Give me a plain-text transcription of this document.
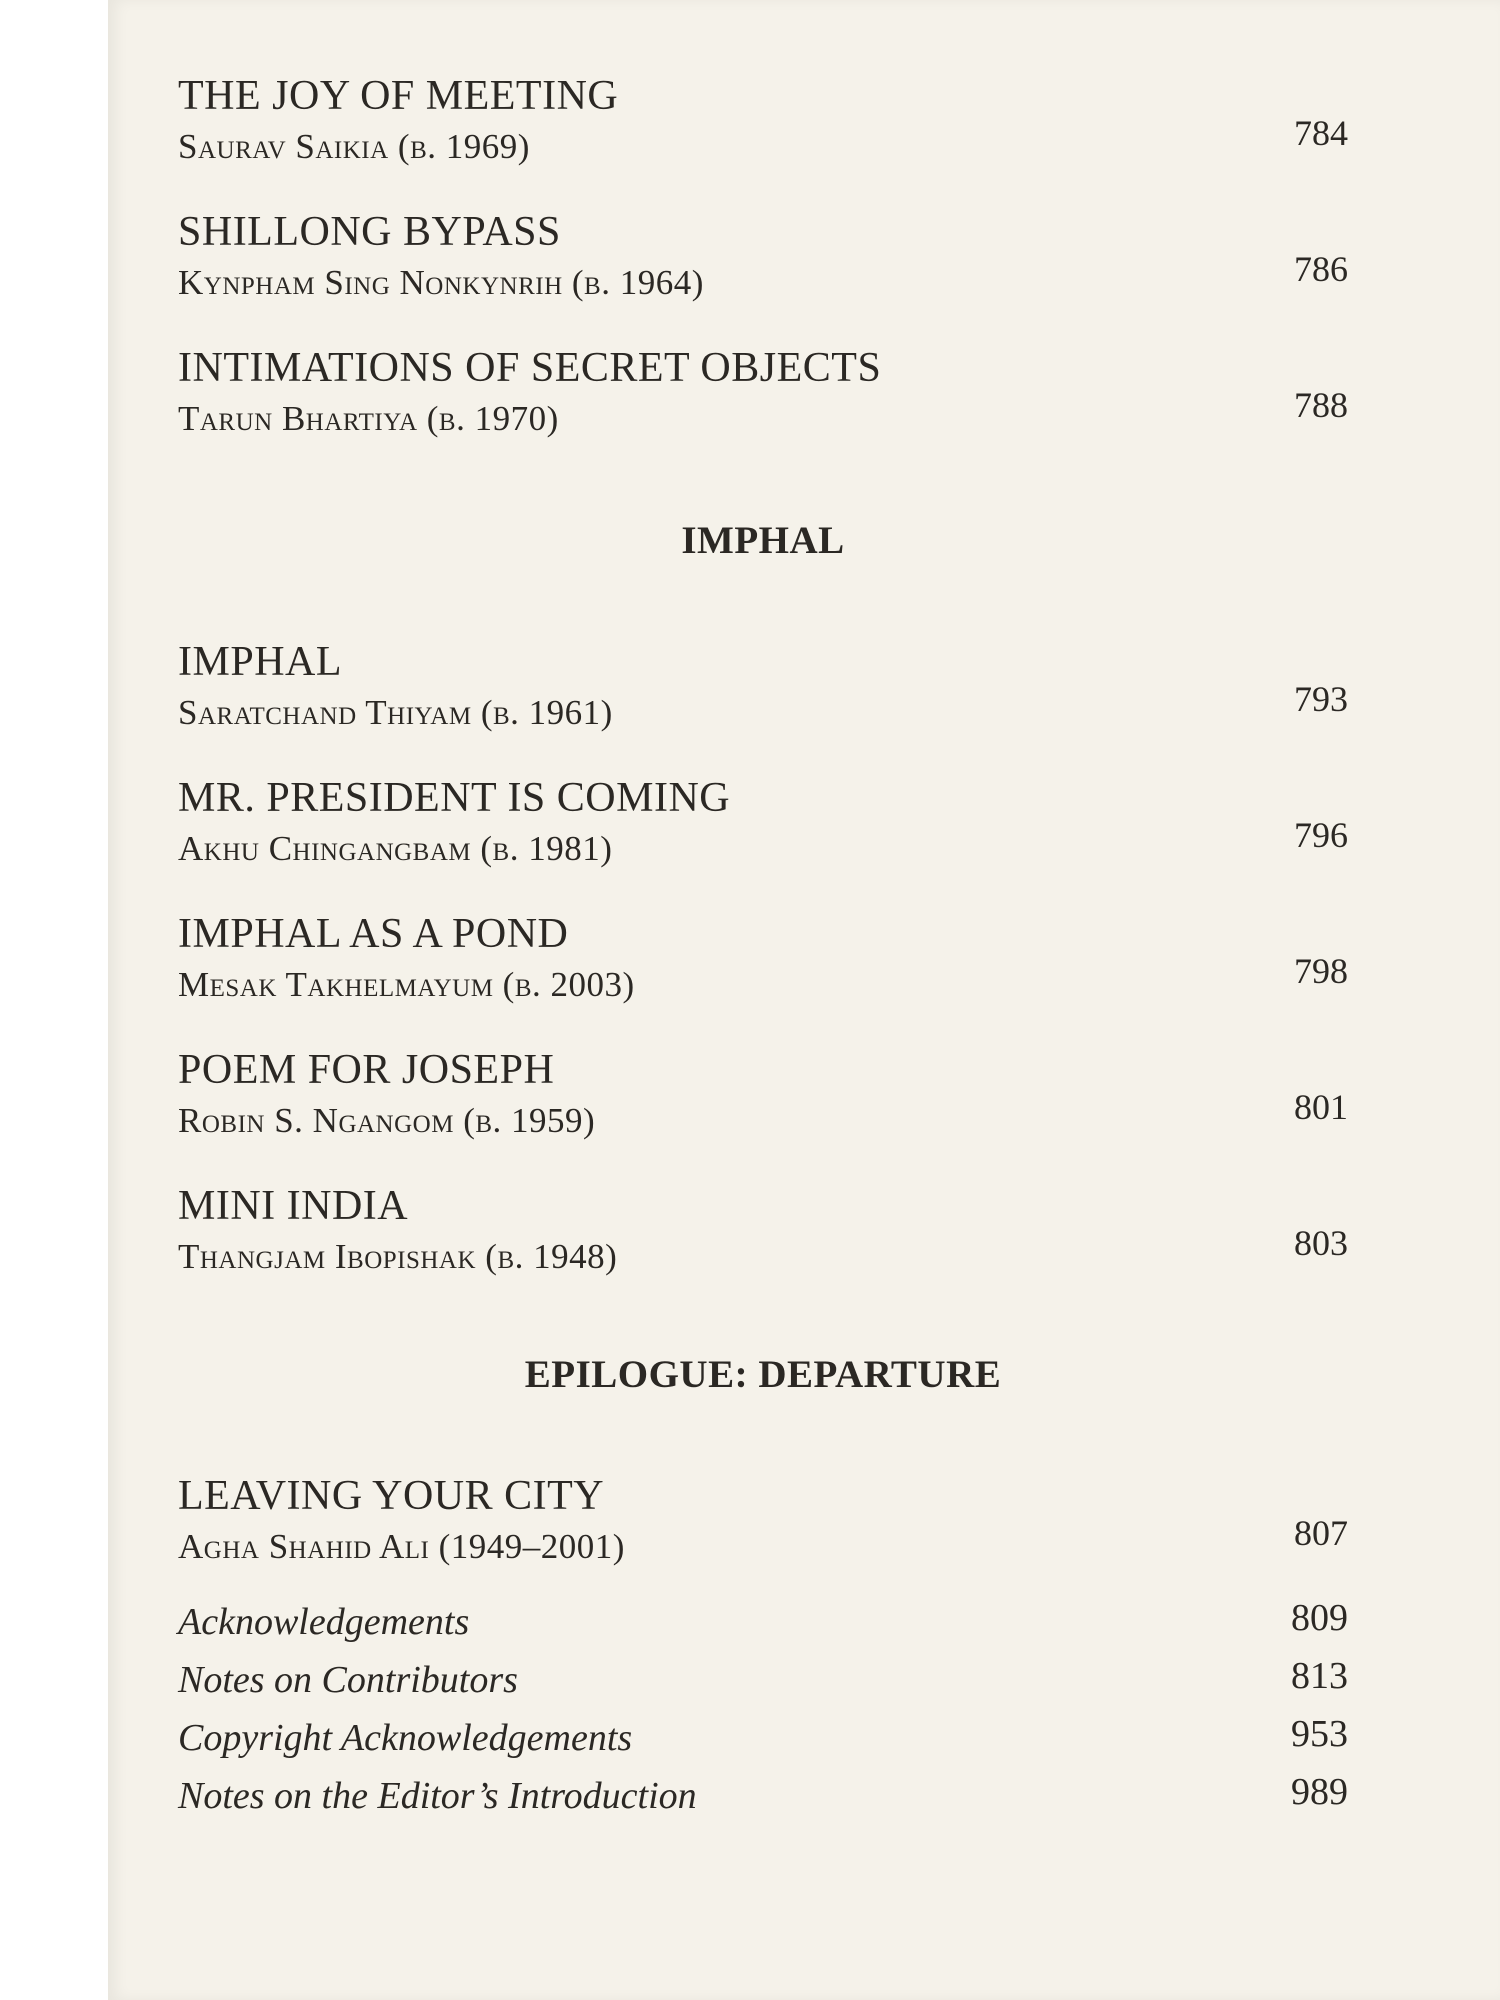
THE JOY OF MEETING
Saurav Saikia (b. 1969)	784
SHILLONG BYPASS
Kynpham Sing Nonkynrih (b. 1964)	786
INTIMATIONS OF SECRET OBJECTS
Tarun Bhartiya (b. 1970)	788
IMPHAL
IMPHAL
Saratchand Thiyam (b. 1961)	793
MR. PRESIDENT IS COMING
Akhu Chingangbam (b. 1981)	796
IMPHAL AS A POND
Mesak Takhelmayum (b. 2003)	798
POEM FOR JOSEPH
Robin S. Ngangom (b. 1959)	801
MINI INDIA
Thangjam Ibopishak (b. 1948)	803
EPILOGUE: DEPARTURE
LEAVING YOUR CITY
Agha Shahid Ali (1949–2001)	807
Acknowledgements	809
Notes on Contributors	813
Copyright Acknowledgements	953
Notes on the Editor’s Introduction	989
